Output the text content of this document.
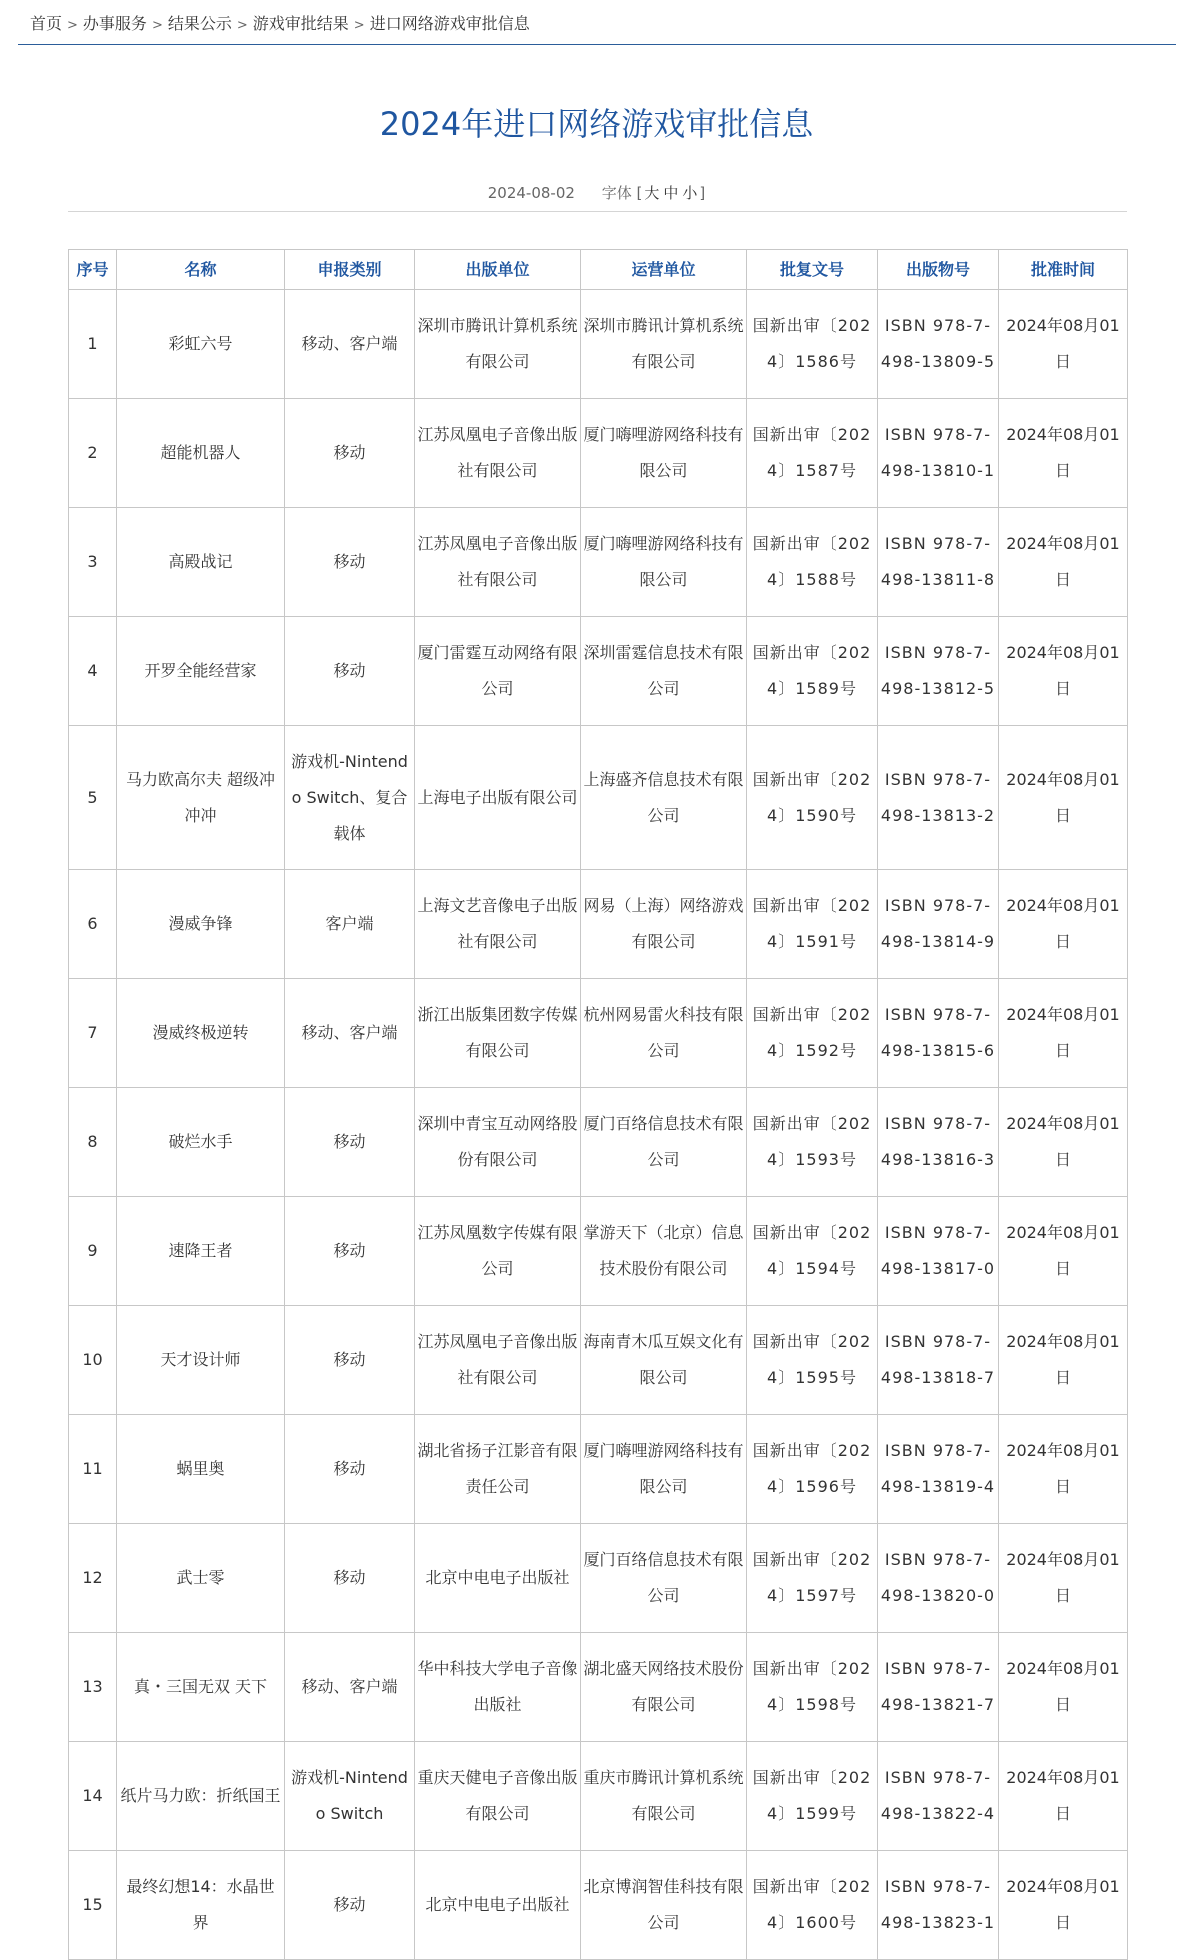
首页 > 办事服务 > 结果公示 > 游戏审批结果 > 进口网络游戏审批信息
2024年进口网络游戏审批信息
2024-08-02 字体 [ 大 中 小 ]
序号	名称	申报类别	出版单位	运营单位	批复文号	出版物号	批准时间
1	彩虹六号	移动、客户端	深圳市腾讯计算机系统有限公司	深圳市腾讯计算机系统有限公司	国新出审〔2024〕1586号	ISBN 978-7-498-13809-5	2024年08月01日
2	超能机器人	移动	江苏凤凰电子音像出版社有限公司	厦门嗨哩游网络科技有限公司	国新出审〔2024〕1587号	ISBN 978-7-498-13810-1	2024年08月01日
3	高殿战记	移动	江苏凤凰电子音像出版社有限公司	厦门嗨哩游网络科技有限公司	国新出审〔2024〕1588号	ISBN 978-7-498-13811-8	2024年08月01日
4	开罗全能经营家	移动	厦门雷霆互动网络有限公司	深圳雷霆信息技术有限公司	国新出审〔2024〕1589号	ISBN 978-7-498-13812-5	2024年08月01日
5	马力欧高尔夫 超级冲冲冲	游戏机-Nintendo Switch、复合载体	上海电子出版有限公司	上海盛齐信息技术有限公司	国新出审〔2024〕1590号	ISBN 978-7-498-13813-2	2024年08月01日
6	漫威争锋	客户端	上海文艺音像电子出版社有限公司	网易（上海）网络游戏有限公司	国新出审〔2024〕1591号	ISBN 978-7-498-13814-9	2024年08月01日
7	漫威终极逆转	移动、客户端	浙江出版集团数字传媒有限公司	杭州网易雷火科技有限公司	国新出审〔2024〕1592号	ISBN 978-7-498-13815-6	2024年08月01日
8	破烂水手	移动	深圳中青宝互动网络股份有限公司	厦门百络信息技术有限公司	国新出审〔2024〕1593号	ISBN 978-7-498-13816-3	2024年08月01日
9	速降王者	移动	江苏凤凰数字传媒有限公司	掌游天下（北京）信息技术股份有限公司	国新出审〔2024〕1594号	ISBN 978-7-498-13817-0	2024年08月01日
10	天才设计师	移动	江苏凤凰电子音像出版社有限公司	海南青木瓜互娱文化有限公司	国新出审〔2024〕1595号	ISBN 978-7-498-13818-7	2024年08月01日
11	蜗里奥	移动	湖北省扬子江影音有限责任公司	厦门嗨哩游网络科技有限公司	国新出审〔2024〕1596号	ISBN 978-7-498-13819-4	2024年08月01日
12	武士零	移动	北京中电电子出版社	厦门百络信息技术有限公司	国新出审〔2024〕1597号	ISBN 978-7-498-13820-0	2024年08月01日
13	真・三国无双 天下	移动、客户端	华中科技大学电子音像出版社	湖北盛天网络技术股份有限公司	国新出审〔2024〕1598号	ISBN 978-7-498-13821-7	2024年08月01日
14	纸片马力欧：折纸国王	游戏机-Nintendo Switch	重庆天健电子音像出版有限公司	重庆市腾讯计算机系统有限公司	国新出审〔2024〕1599号	ISBN 978-7-498-13822-4	2024年08月01日
15	最终幻想14：水晶世界	移动	北京中电电子出版社	北京博润智佳科技有限公司	国新出审〔2024〕1600号	ISBN 978-7-498-13823-1	2024年08月01日
